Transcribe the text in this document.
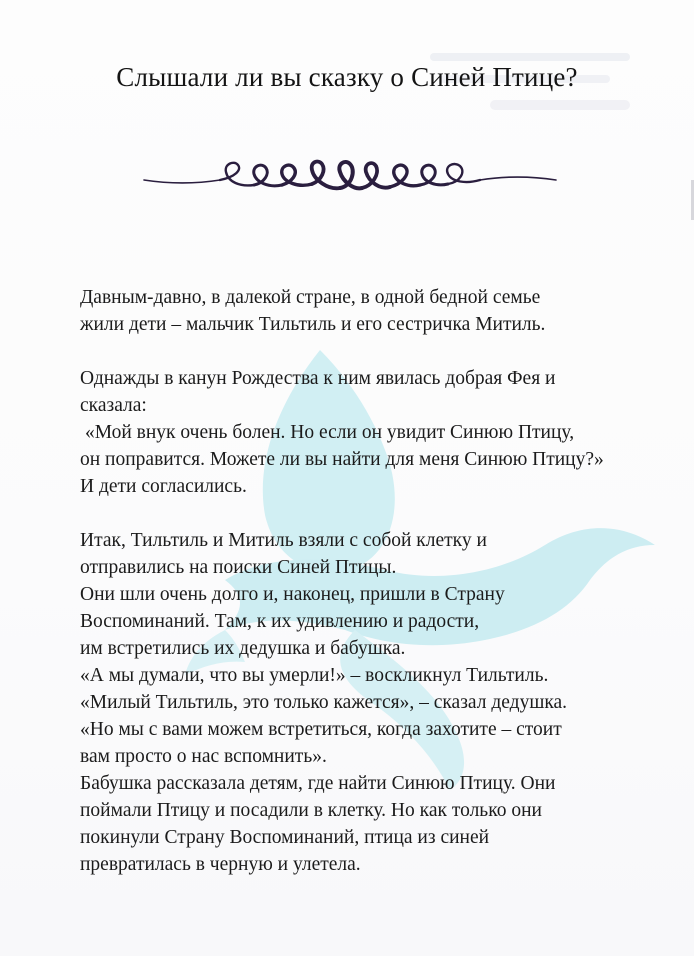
Слышали ли вы сказку о Синей Птице?

Давным-давно, в далекой стране, в одной бедной семье
жили дети – мальчик Тильтиль и его сестричка Митиль.

Однажды в канун Рождества к ним явилась добрая Фея и
сказала:
«Мой внук очень болен. Но если он увидит Синюю Птицу,
он поправится. Можете ли вы найти для меня Синюю Птицу?»
И дети согласились.

Итак, Тильтиль и Митиль взяли с собой клетку и
отправились на поиски Синей Птицы.
Они шли очень долго и, наконец, пришли в Страну
Воспоминаний. Там, к их удивлению и радости,
им встретились их дедушка и бабушка.
«А мы думали, что вы умерли!» – воскликнул Тильтиль.
«Милый Тильтиль, это только кажется», – сказал дедушка.
«Но мы с вами можем встретиться, когда захотите – стоит
вам просто о нас вспомнить».
Бабушка рассказала детям, где найти Синюю Птицу. Они
поймали Птицу и посадили в клетку. Но как только они
покинули Страну Воспоминаний, птица из синей
превратилась в черную и улетела.
